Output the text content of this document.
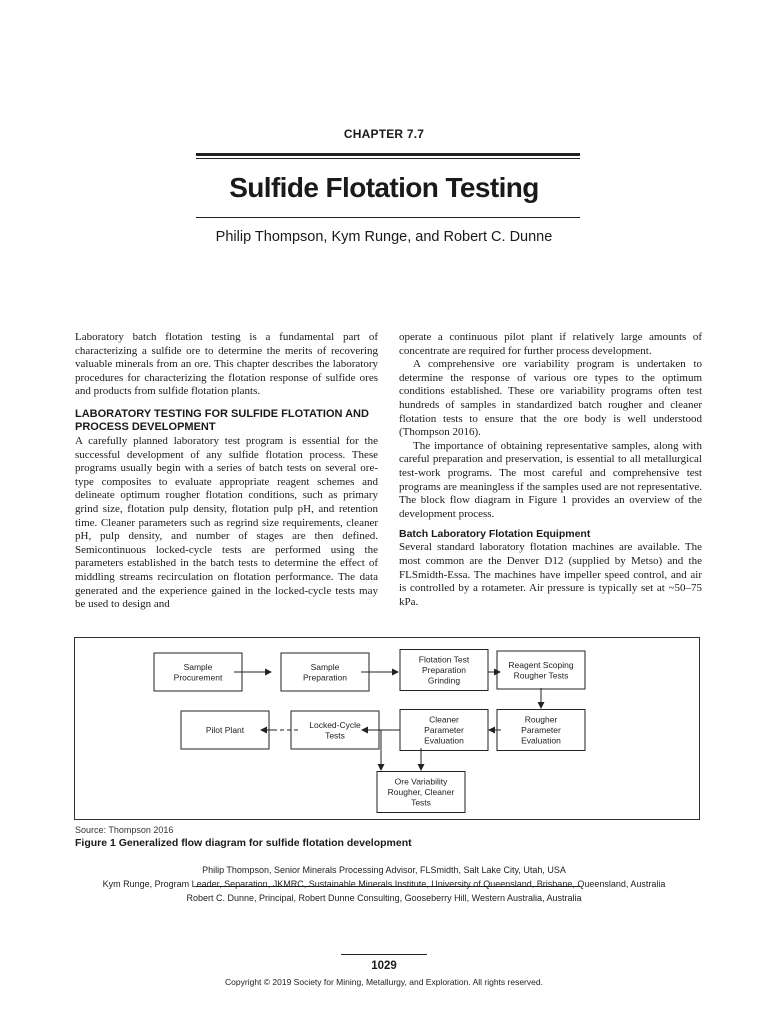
CHAPTER 7.7
Sulfide Flotation Testing
Philip Thompson, Kym Runge, and Robert C. Dunne

Laboratory batch flotation testing is a fundamental part of characterizing a sulfide ore to determine the merits of recovering valuable minerals from an ore. This chapter describes the laboratory procedures for characterizing the flotation response of sulfide ores and products from sulfide flotation plants.

LABORATORY TESTING FOR SULFIDE FLOTATION AND PROCESS DEVELOPMENT

A carefully planned laboratory test program is essential for the successful development of any sulfide flotation process. These programs usually begin with a series of batch tests on several ore-type composites to evaluate appropriate reagent schemes and delineate optimum rougher flotation conditions, such as primary grind size, flotation pulp density, flotation pulp pH, and retention time. Cleaner parameters such as regrind size requirements, cleaner pH, pulp density, and number of stages are then defined. Semicontinuous locked-cycle tests are performed using the parameters established in the batch tests to determine the effect of middling streams recirculation on flotation performance. The data generated and the experience gained in the locked-cycle tests may be used to design and

operate a continuous pilot plant if relatively large amounts of concentrate are required for further process development.

A comprehensive ore variability program is undertaken to determine the response of various ore types to the optimum conditions established. These ore variability programs often test hundreds of samples in standardized batch rougher and cleaner flotation tests to ensure that the ore body is well understood (Thompson 2016).

The importance of obtaining representative samples, along with careful preparation and preservation, is essential to all metallurgical test-work programs. The most careful and comprehensive test programs are meaningless if the samples used are not representative. The block flow diagram in Figure 1 provides an overview of the development process.

Batch Laboratory Flotation Equipment

Several standard laboratory flotation machines are available. The most common are the Denver D12 (supplied by Metso) and the FLSmidth-Essa. The machines have impeller speed control, and air is controlled by a rotameter. Air pressure is typically set at ~50–75 kPa.

Sample
Procurement
Sample
Preparation
Flotation Test
Preparation
Grinding
Reagent Scoping
Rougher Tests
Pilot Plant
Locked-Cycle
Tests
Cleaner
Parameter
Evaluation
Rougher
Parameter
Evaluation
Ore Variability
Rougher, Cleaner
Tests
Source: Thompson 2016
Figure 1 Generalized flow diagram for sulfide flotation development
Philip Thompson, Senior Minerals Processing Advisor, FLSmidth, Salt Lake City, Utah, USA
Kym Runge, Program Leader, Separation, JKMRC, Sustainable Minerals Institute, University of Queensland, Brisbane, Queensland, Australia
Robert C. Dunne, Principal, Robert Dunne Consulting, Gooseberry Hill, Western Australia, Australia
1029
Copyright © 2019 Society for Mining, Metallurgy, and Exploration. All rights reserved.
